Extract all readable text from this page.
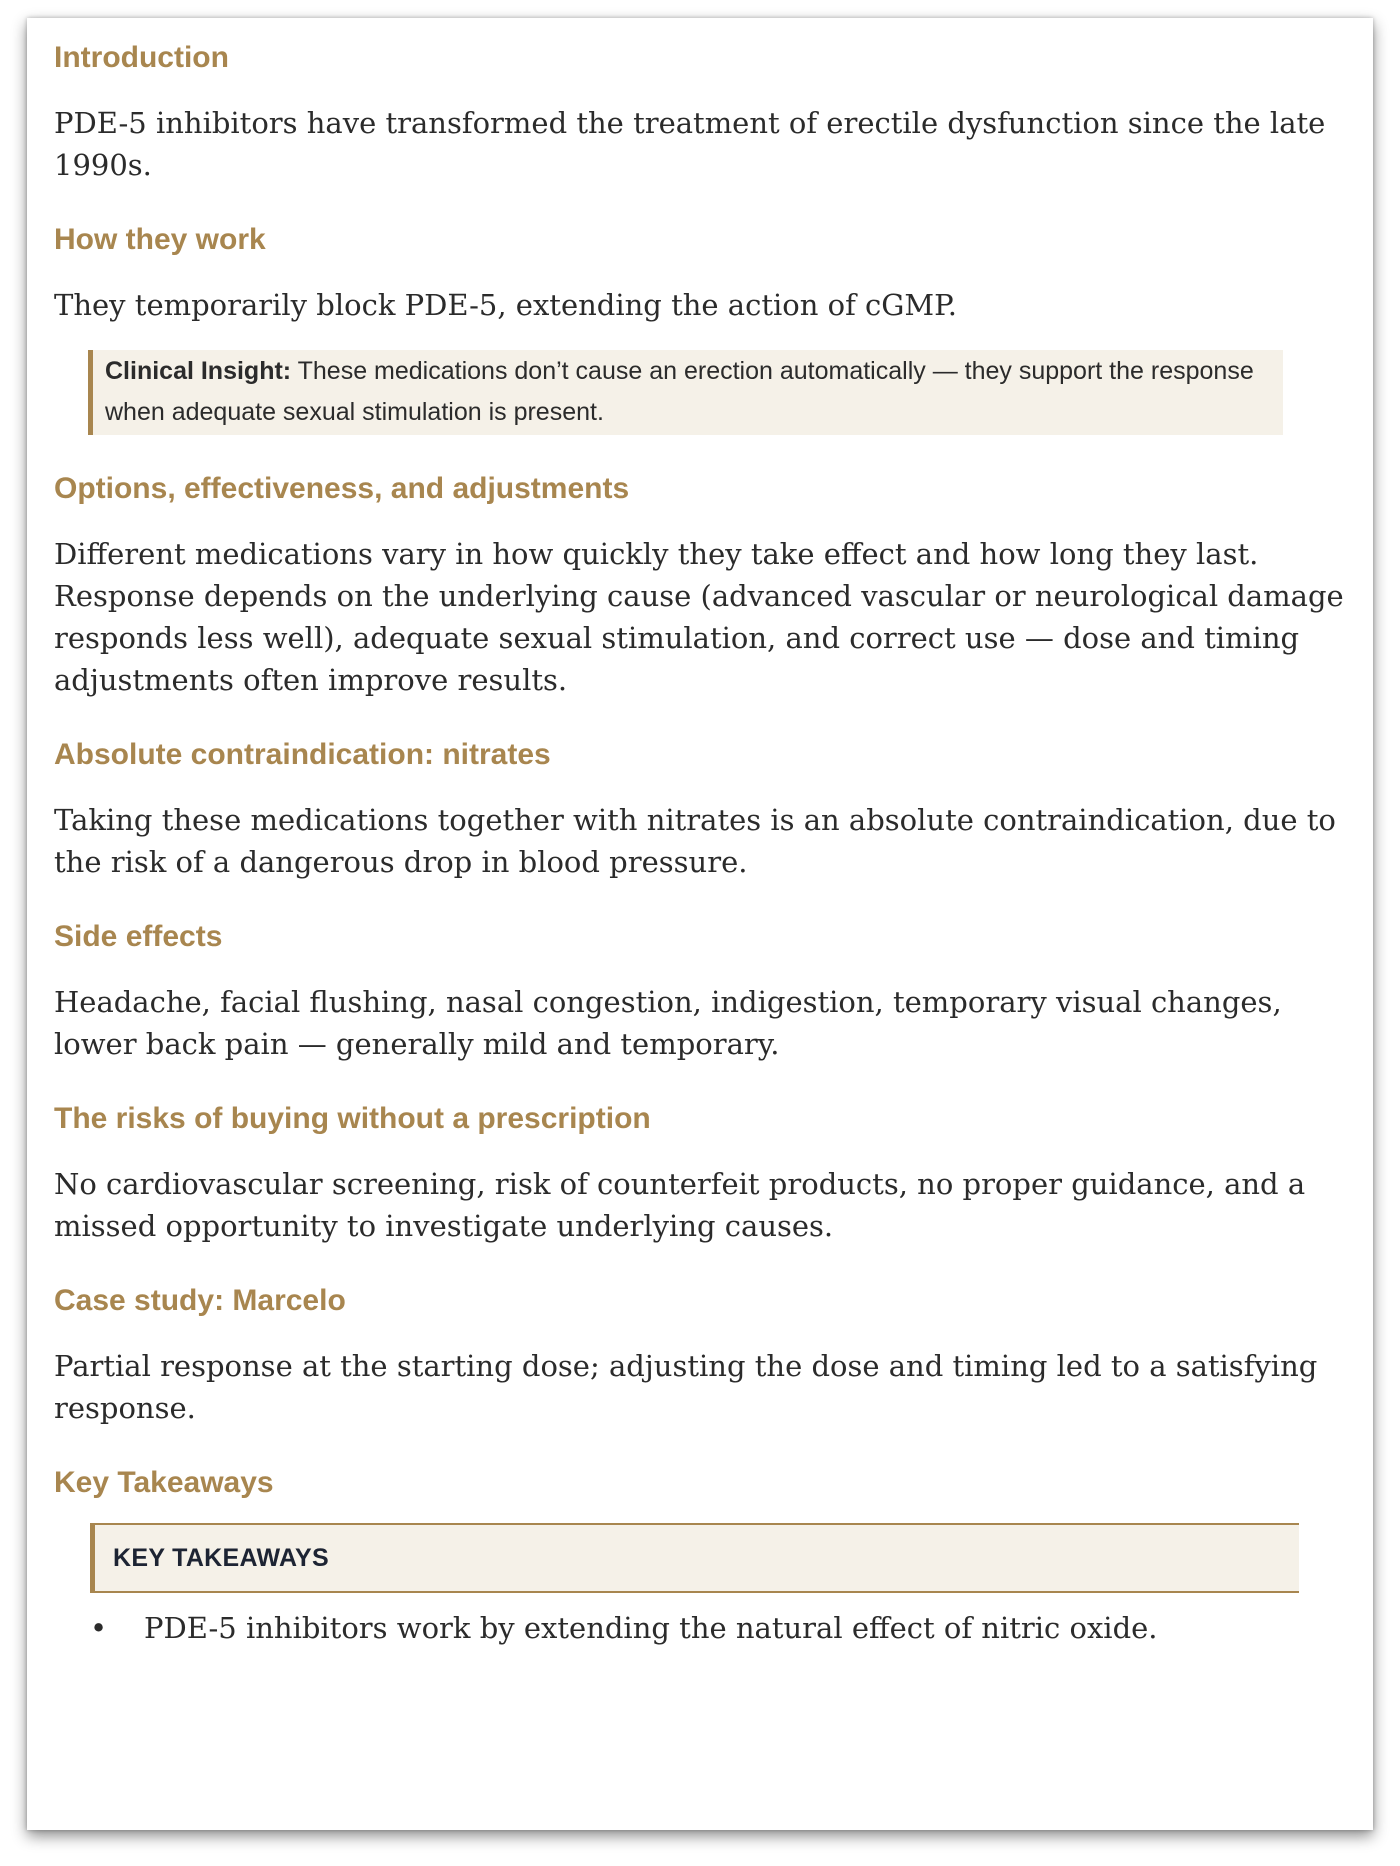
Introduction

PDE-5 inhibitors have transformed the treatment of erectile dysfunction since the late 1990s.

How they work

They temporarily block PDE-5, extending the action of cGMP.

Clinical Insight: These medications don’t cause an erection automatically — they support the response when adequate sexual stimulation is present.
Options, effectiveness, and adjustments

Different medications vary in how quickly they take effect and how long they last. Response depends on the underlying cause (advanced vascular or neurological damage responds less well), adequate sexual stimulation, and correct use — dose and timing adjustments often improve results.

Absolute contraindication: nitrates

Taking these medications together with nitrates is an absolute contraindication, due to the risk of a dangerous drop in blood pressure.

Side effects

Headache, facial flushing, nasal congestion, indigestion, temporary visual changes, lower back pain — generally mild and temporary.

The risks of buying without a prescription

No cardiovascular screening, risk of counterfeit products, no proper guidance, and a missed opportunity to investigate underlying causes.

Case study: Marcelo

Partial response at the starting dose; adjusting the dose and timing led to a satisfying response.

Key Takeaways
KEY TAKEAWAYS
•	PDE-5 inhibitors work by extending the natural effect of nitric oxide.
